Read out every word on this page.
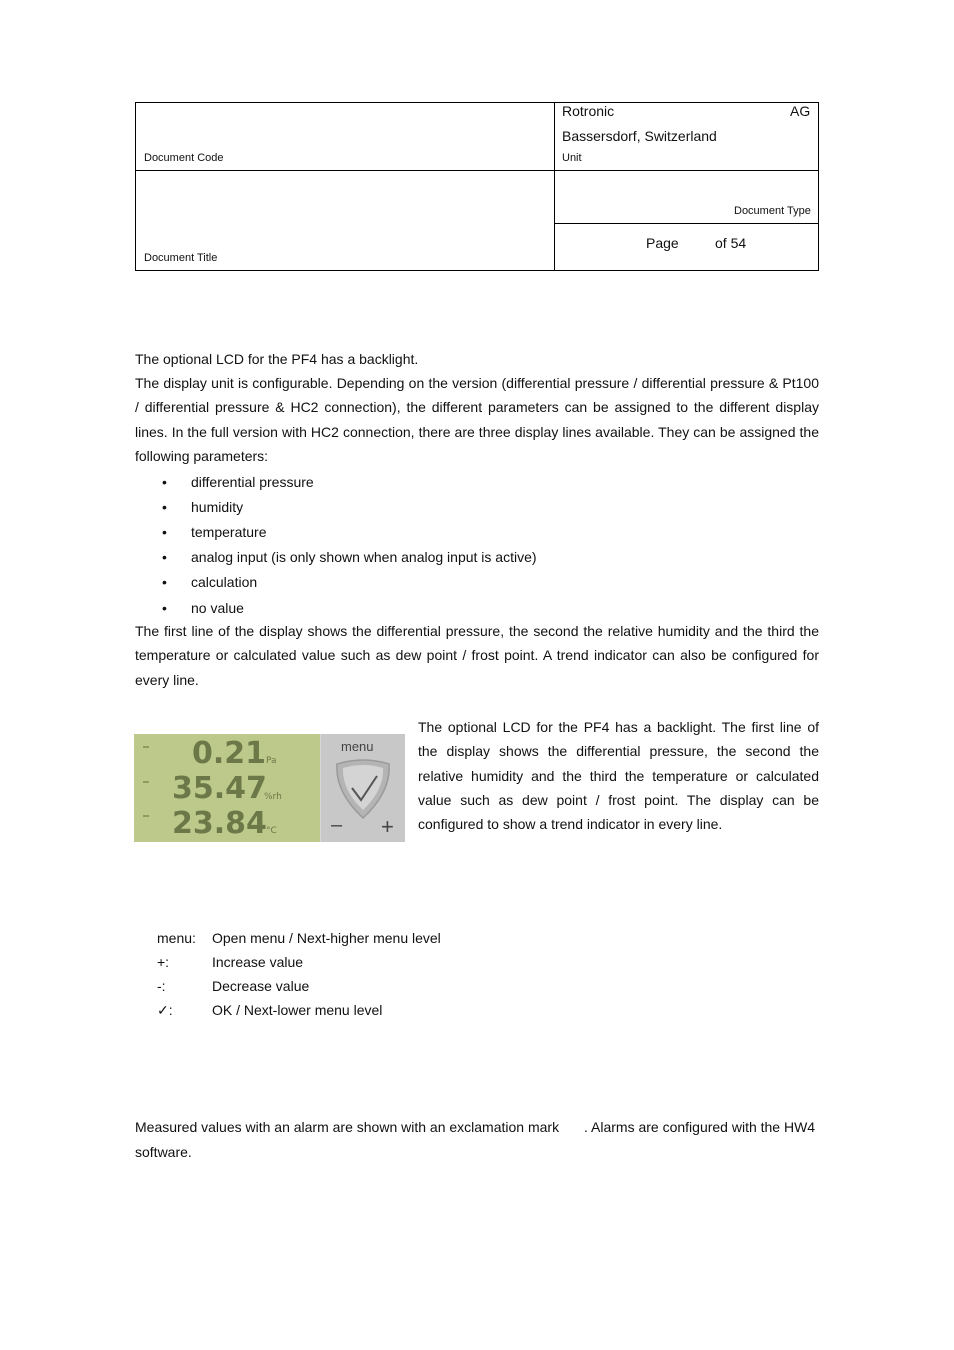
Rotronic	AG
Bassersdorf, Switzerland
Document Code	Unit
Document Type
Page	of 54
Document Title
The optional LCD for the PF4 has a backlight.
The display unit is configurable. Depending on the version (differential pressure / differential pressure & Pt100 / differential pressure & HC2 connection), the different parameters can be assigned to the different display lines. In the full version with HC2 connection, there are three display lines available. They can be assigned the following parameters:
• differential pressure
• humidity
• temperature
• analog input (is only shown when analog input is active)
• calculation
• no value
The first line of the display shows the differential pressure, the second the relative humidity and the third the temperature or calculated value such as dew point / frost point. A trend indicator can also be configured for every line.
0.21 Pa
35.47
%rh
23.84 °C
menu
– +
The optional LCD for the PF4 has a backlight. The first line of the display shows the differential pressure, the second the relative humidity and the third the temperature or calculated value such as dew point / frost point. The display can be configured to show a trend indicator in every line.
menu: Open menu / Next-higher menu level
+:	Increase value
-:	Decrease value
✓:	OK / Next-lower menu level
Measured values with an alarm are shown with an exclamation mark . Alarms are configured with the HW4
software.
